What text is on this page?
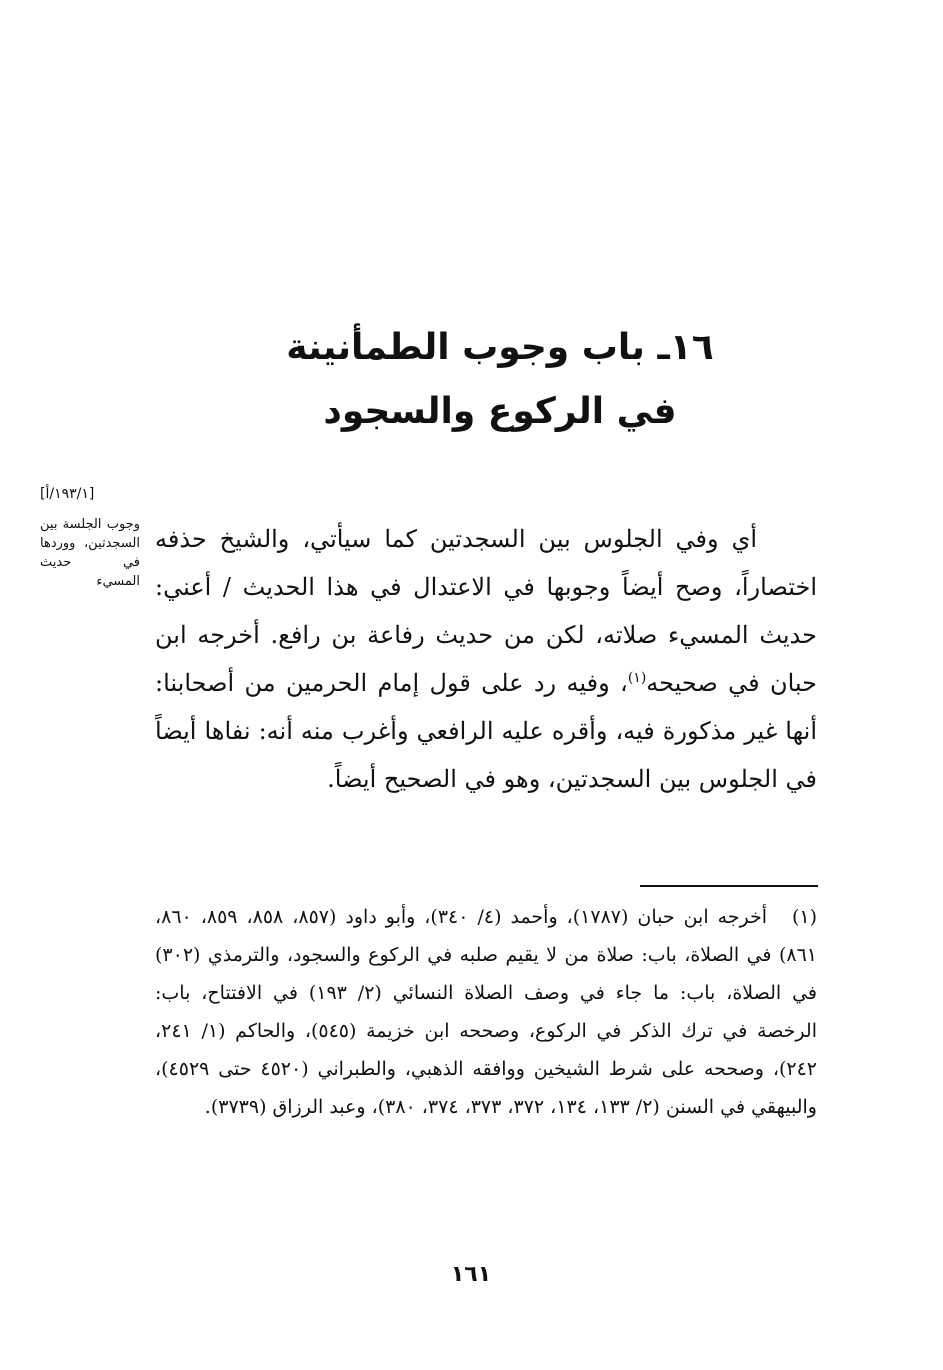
١٦ـ باب وجوب الطمأنينة
في الركوع والسجود
[١٩٣/١/أ]
وجوب الجلسة بين السجدتين، ووردها في حديث المسيء

أي وفي الجلوس بين السجدتين كما سيأتي، والشيخ حذفه اختصاراً، وصح أيضاً وجوبها في الاعتدال في هذا الحديث / أعني: حديث المسيء صلاته، لكن من حديث رفاعة بن رافع. أخرجه ابن حبان في صحيحه$^{(١)}$، وفيه رد على قول إمام الحرمين من أصحابنا: أنها غير مذكورة فيه، وأقره عليه الرافعي وأغرب منه أنه: نفاها أيضاً في الجلوس بين السجدتين، وهو في الصحيح أيضاً.

(١)أخرجه ابن حبان (١٧٨٧)، وأحمد (٤/ ٣٤٠)، وأبو داود (٨٥٧، ٨٥٨، ٨٥٩، ٨٦٠، ٨٦١) في الصلاة، باب: صلاة من لا يقيم صلبه في الركوع والسجود، والترمذي (٣٠٢) في الصلاة، باب: ما جاء في وصف الصلاة النسائي (٢/ ١٩٣) في الافتتاح، باب: الرخصة في ترك الذكر في الركوع، وصححه ابن خزيمة (٥٤٥)، والحاكم (١/ ٢٤١، ٢٤٢)، وصححه على شرط الشيخين ووافقه الذهبي، والطبراني (٤٥٢٠ حتى ٤٥٢٩)، والبيهقي في السنن (٢/ ١٣٣، ١٣٤، ٣٧٢، ٣٧٣، ٣٧٤، ٣٨٠)، وعبد الرزاق (٣٧٣٩).
١٦١
